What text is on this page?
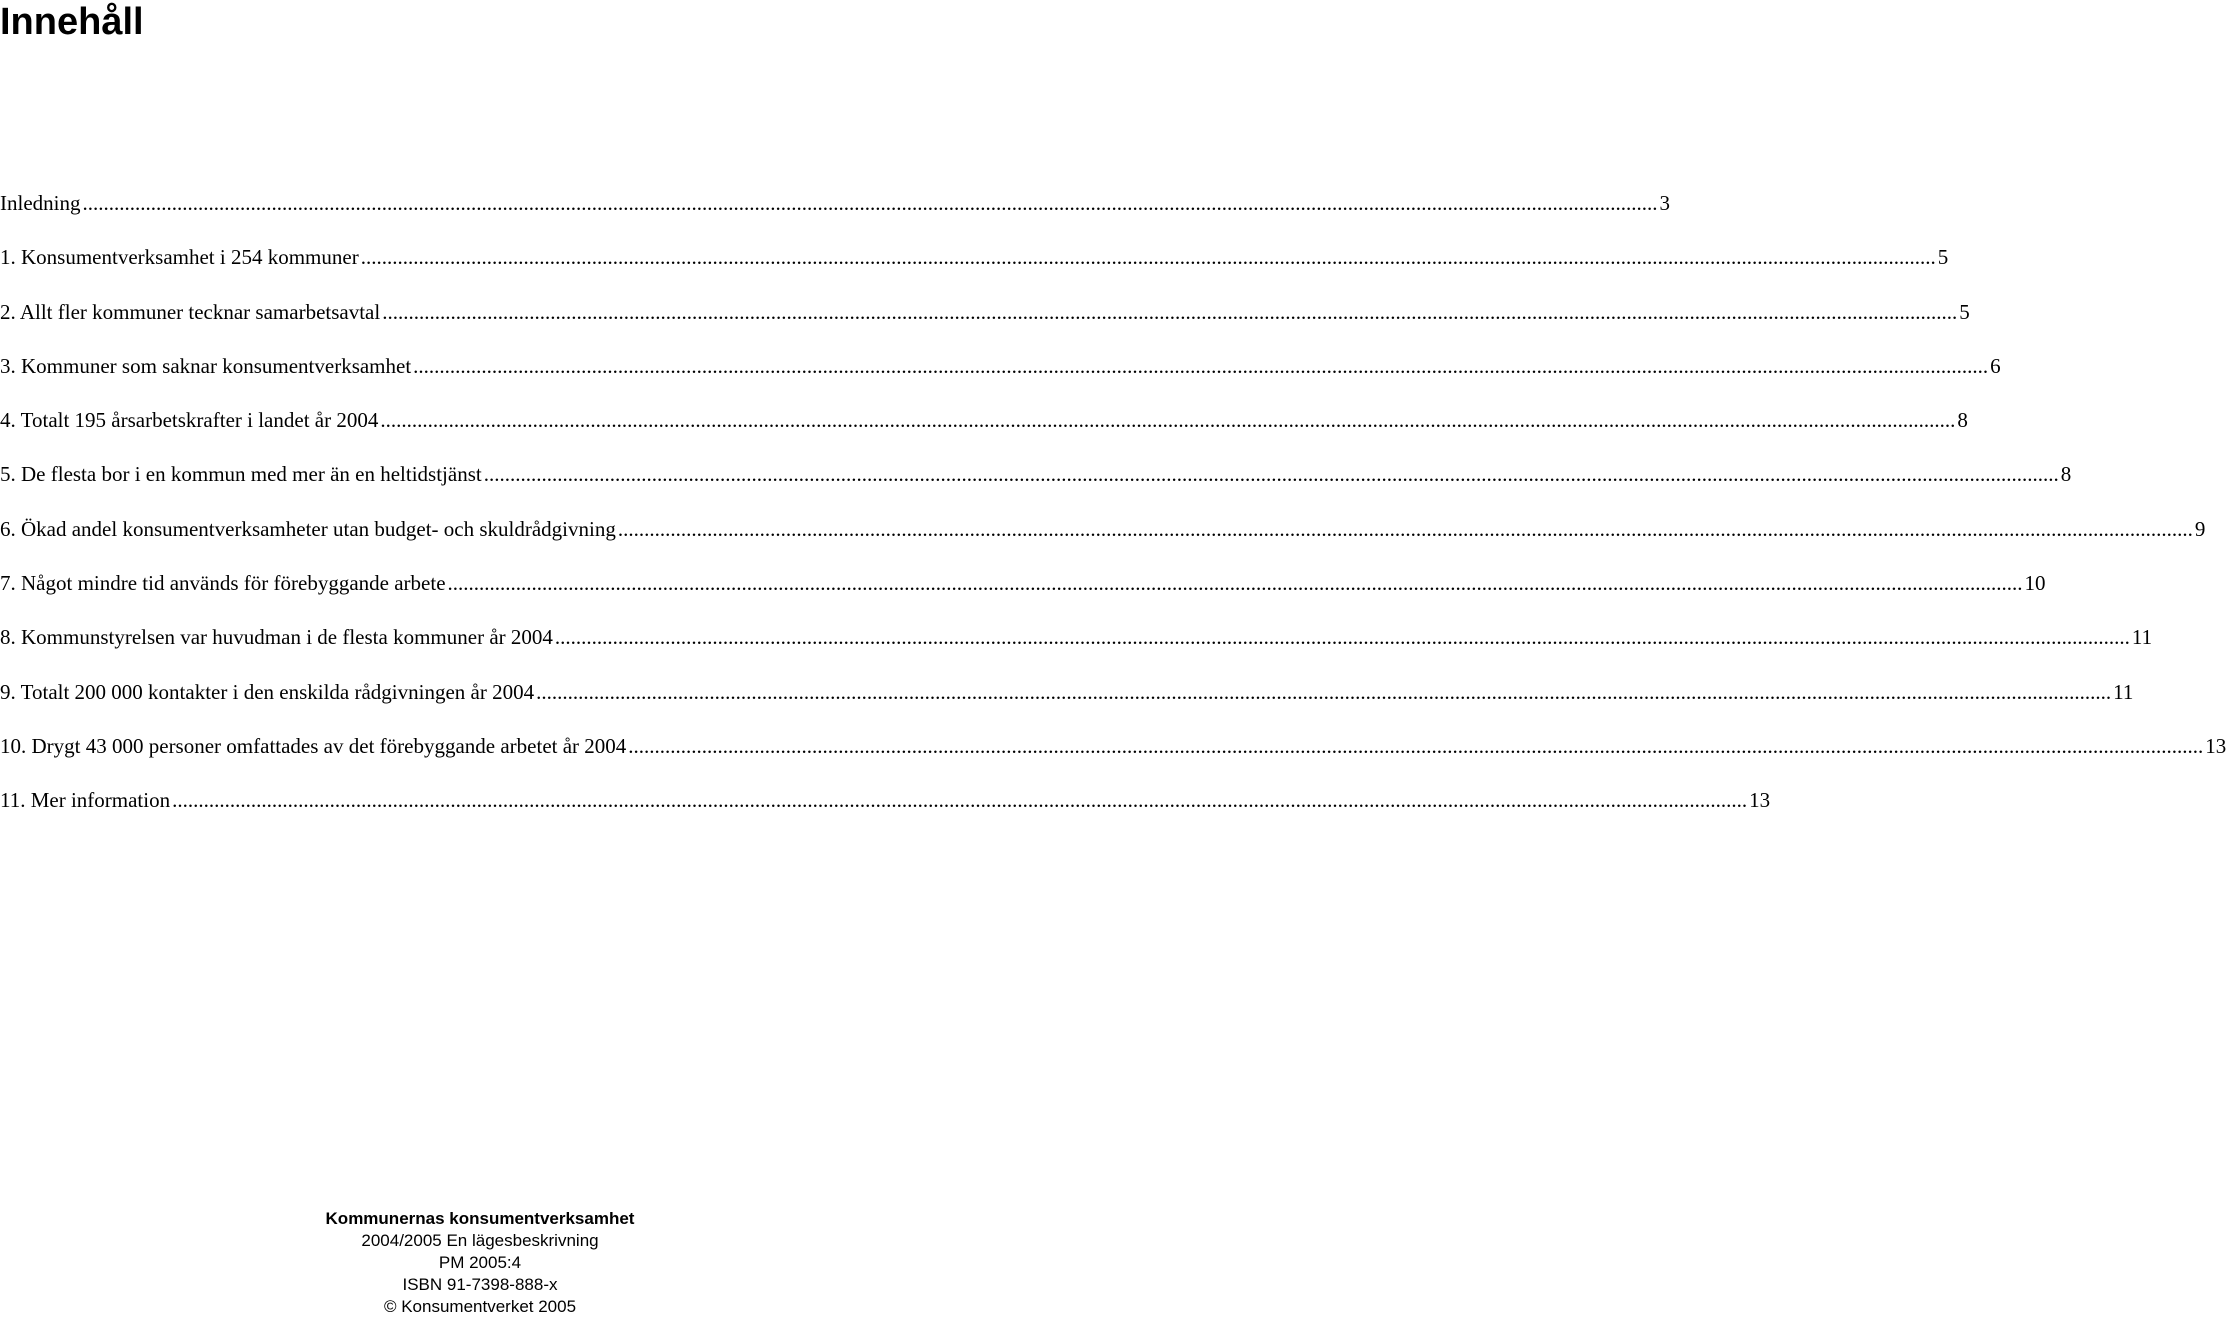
Innehåll
Inledning ............................................................................................................................................................................................................................................................................................................ 3
1. Konsumentverksamhet i 254 kommuner ............................................................................................................................................................................................................................................................................................................ 5
2. Allt fler kommuner tecknar samarbetsavtal ............................................................................................................................................................................................................................................................................................................ 5
3. Kommuner som saknar konsumentverksamhet ............................................................................................................................................................................................................................................................................................................ 6
4. Totalt 195 årsarbetskrafter i landet år 2004 ............................................................................................................................................................................................................................................................................................................ 8
5. De flesta bor i en kommun med mer än en heltidstjänst ............................................................................................................................................................................................................................................................................................................ 8
6. Ökad andel konsumentverksamheter utan budget- och skuldrådgivning ............................................................................................................................................................................................................................................................................................................ 9
7. Något mindre tid används för förebyggande arbete ............................................................................................................................................................................................................................................................................................................ 10
8. Kommunstyrelsen var huvudman i de flesta kommuner år 2004 ............................................................................................................................................................................................................................................................................................................ 11
9. Totalt 200 000 kontakter i den enskilda rådgivningen år 2004 ............................................................................................................................................................................................................................................................................................................ 11
10. Drygt 43 000 personer omfattades av det förebyggande arbetet år 2004 ............................................................................................................................................................................................................................................................................................................ 13
11. Mer information ............................................................................................................................................................................................................................................................................................................ 13
Kommunernas konsumentverksamhet
2004/2005 En lägesbeskrivning
PM 2005:4
ISBN 91-7398-888-x
© Konsumentverket 2005
